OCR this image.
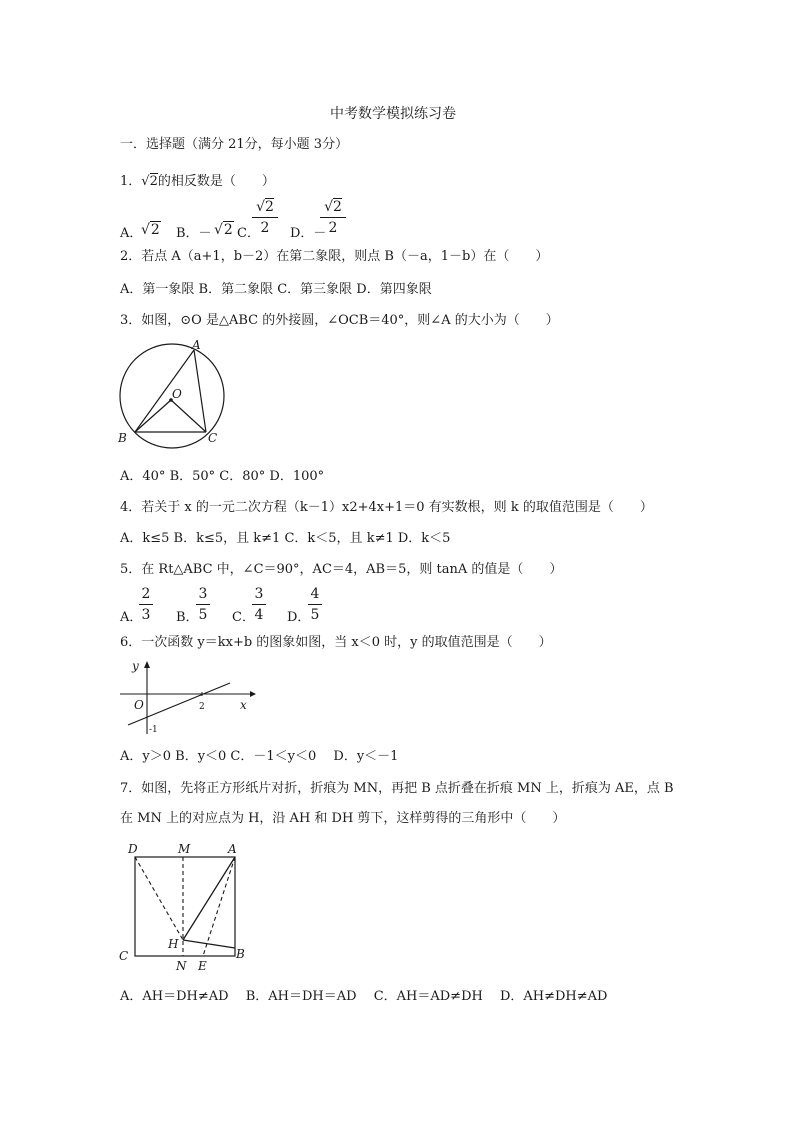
中考数学模拟练习卷
一．选择题（满分 21分，每小题 3分）
1．√2的相反数是（　　）
A．
√2 B．－ √2 C．
√2
2	D．－
√2
2
2．若点 A（a+1，b－2）在第二象限，则点 B（－a，1－b）在（　　）
A．第一象限 B．第二象限 C．第三象限 D．第四象限
3．如图，⊙O 是△ABC 的外接圆，∠OCB＝40°，则∠A 的大小为（　　）
A
O
B	C
A．40° B．50° C．80° D．100°
4．若关于 x 的一元二次方程（k－1）x2+4x+1＝0 有实数根，则 k 的取值范围是（　　）
A．k≤5 B．k≤5，且 k≠1 C．k＜5，且 k≠1 D．k＜5
5．在 Rt△ABC 中，∠C＝90°，AC＝4，AB＝5，则 tanA 的值是（　　）
A．
2
3 B．
3
5 C．
3
4 D．
4
5
6．一次函数 y＝kx+b 的图象如图，当 x＜0 时，y 的取值范围是（　　）
y
x
O	2
-1
A．y＞0 B．y＜0 C．－1＜y＜0　 D．y＜－1
7．如图，先将正方形纸片对折，折痕为 MN，再把 B 点折叠在折痕 MN 上，折痕为 AE，点 B
在 MN 上的对应点为 H，沿 AH 和 DH 剪下，这样剪得的三角形中（　　）
D	M	A
H
C
N E
B
A．AH＝DH≠AD　 B．AH＝DH＝AD　 C．AH＝AD≠DH　 D．AH≠DH≠AD
